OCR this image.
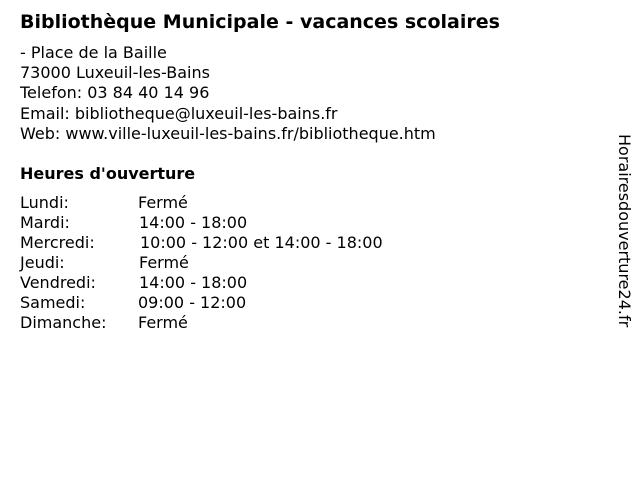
Bibliothèque Municipale - vacances scolaires
- Place de la Baille
73000 Luxeuil-les-Bains
Telefon: 03 84 40 14 96
Email: bibliotheque@luxeuil-les-bains.fr
Web: www.ville-luxeuil-les-bains.fr/bibliotheque.htm
Heures d'ouverture
Lundi:	Fermé
Mardi:	14:00 - 18:00
Mercredi:	10:00 - 12:00 et 14:00 - 18:00
Jeudi:	Fermé
Vendredi:	14:00 - 18:00
Samedi:	09:00 - 12:00
Dimanche: Fermé	Horairesdouverture24.fr
